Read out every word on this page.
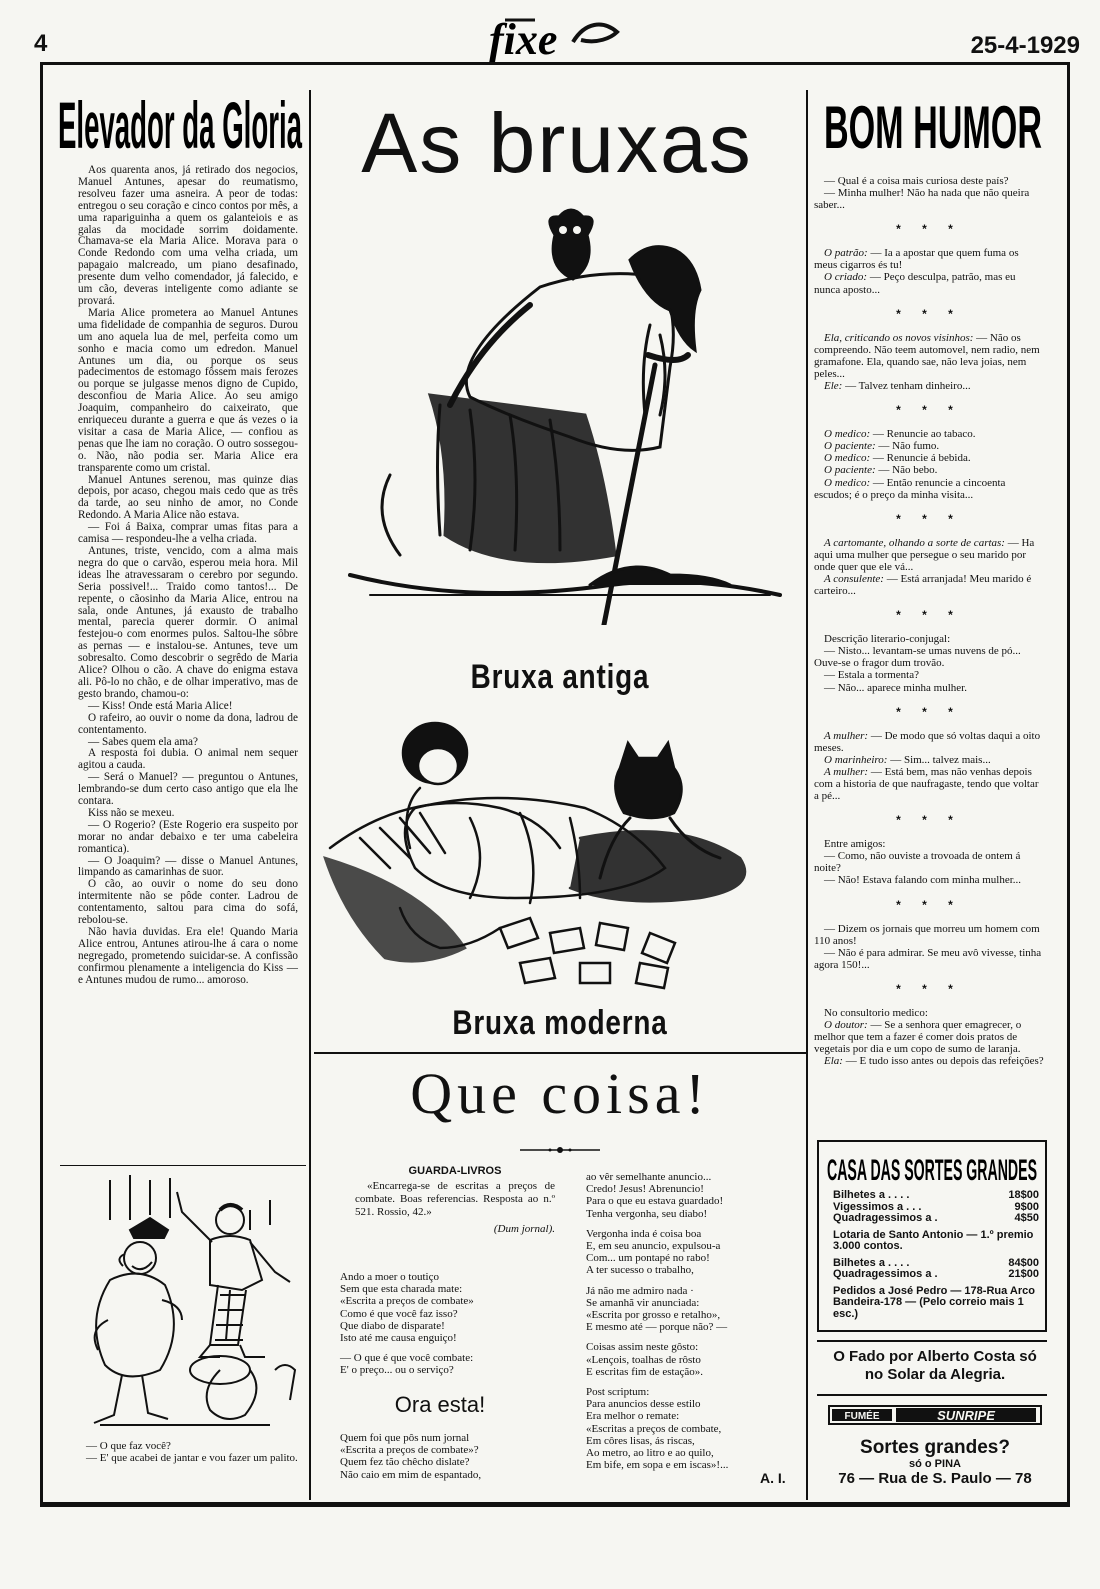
4	fixe	25-4-1929
Elevador da Gloria

Aos quarenta anos, já retirado dos negocios, Manuel Antunes, apesar do reumatismo, resolveu fazer uma asneira. A peor de todas: entregou o seu coração e cinco contos por mês, a uma rapariguinha a quem os galanteiois e as galas da mocidade sorrim doidamente. Chamava-se ela Maria Alice. Morava para o Conde Redondo com uma velha criada, um papagaio malcreado, um piano desafinado, presente dum velho comendador, já falecido, e um cão, deveras inteligente como adiante se provará.

Maria Alice prometera ao Manuel Antunes uma fidelidade de companhia de seguros. Durou um ano aquela lua de mel, perfeita como um sonho e macia como um edredon. Manuel Antunes um dia, ou porque os seus padecimentos de estomago fôssem mais ferozes ou porque se julgasse menos digno de Cupido, desconfiou de Maria Alice. Ao seu amigo Joaquim, companheiro do caixeirato, que enriqueceu durante a guerra e que ás vezes o ia visitar a casa de Maria Alice, — confiou as penas que lhe iam no coração. O outro sossegou-o. Não, não podia ser. Maria Alice era transparente como um cristal.

Manuel Antunes serenou, mas quinze dias depois, por acaso, chegou mais cedo que as três da tarde, ao seu ninho de amor, no Conde Redondo. A Maria Alice não estava.

— Foi á Baixa, comprar umas fitas para a camisa — respondeu-lhe a velha criada.

Antunes, triste, vencido, com a alma mais negra do que o carvão, esperou meia hora. Mil ideas lhe atravessaram o cerebro por segundo. Seria possivel!... Traido como tantos!... De repente, o cãosinho da Maria Alice, entrou na sala, onde Antunes, já exausto de trabalho mental, parecia querer dormir. O animal festejou-o com enormes pulos. Saltou-lhe sôbre as pernas — e instalou-se. Antunes, teve um sobresalto. Como descobrir o segrêdo de Maria Alice? Olhou o cão. A chave do enigma estava ali. Pô-lo no chão, e de olhar imperativo, mas de gesto brando, chamou-o:

— Kiss! Onde está Maria Alice!

O rafeiro, ao ouvir o nome da dona, ladrou de contentamento.

— Sabes quem ela ama?

A resposta foi dubia. O animal nem sequer agitou a cauda.

— Será o Manuel? — preguntou o Antunes, lembrando-se dum certo caso antigo que ela lhe contara.

Kiss não se mexeu.

— O Rogerio? (Este Rogerio era suspeito por morar no andar debaixo e ter uma cabeleira romantica).

— O Joaquim? — disse o Manuel Antunes, limpando as camarinhas de suor.

O cão, ao ouvir o nome do seu dono intermitente não se pôde conter. Ladrou de contentamento, saltou para cima do sofá, rebolou-se.

Não havia duvidas. Era ele! Quando Maria Alice entrou, Antunes atirou-lhe á cara o nome negregado, prometendo suicidar-se. A confissão confirmou plenamente a inteligencia do Kiss — e Antunes mudou de rumo... amoroso.

— O que faz você?

— E' que acabei de jantar e vou fazer um palito.

As bruxas
Bruxa antiga
Bruxa moderna
Que coisa!
GUARDA-LIVROS

«Encarrega-se de escritas a preços de combate. Boas referencias. Resposta ao n.º 521. Rossio, 42.»

(Dum jornal).

Ando a moer o toutiço
Sem que esta charada mate:
«Escrita a preços de combate»
Como é que você faz isso?
Que diabo de disparate!
Isto até me causa enguiço!

— O que é que você combate:
E' o preço... ou o serviço?

Ora esta!

Quem foi que pôs num jornal
«Escrita a preços de combate»?
Quem fez tão chêcho dislate?
Não caio em mim de espantado,

ao vêr semelhante anuncio...
Credo! Jesus! Abrenuncio!
Para o que eu estava guardado!
Tenha vergonha, seu diabo!

Vergonha inda é coisa boa
E, em seu anuncio, expulsou-a
Com... um pontapé no rabo!
A ter sucesso o trabalho,

Já não me admiro nada ·
Se amanhã vir anunciada:
«Escrita por grosso e retalho»,
E mesmo até — porque não? —

Coisas assim neste gôsto:
«Lençois, toalhas de rôsto
E escritas fim de estação».

Post scriptum:
Para anuncios desse estilo
Era melhor o remate:
«Escritas a preços de combate,
Em côres lisas, ás riscas,
Ao metro, ao litro e ao quilo,
Em bife, em sopa e em iscas»!...

A. I.
BOM HUMOR

— Qual é a coisa mais curiosa deste país?

— Minha mulher! Não ha nada que não queira saber...

* * *

O patrão: — Ia a apostar que quem fuma os meus cigarros és tu!

O criado: — Peço desculpa, patrão, mas eu nunca aposto...

* * *

Ela, criticando os novos visinhos: — Não os compreendo. Não teem automovel, nem radio, nem gramafone. Ela, quando sae, não leva joias, nem peles...

Ele: — Talvez tenham dinheiro...

* * *

O medico: — Renuncie ao tabaco.

O paciente: — Não fumo.

O medico: — Renuncie á bebida.

O paciente: — Não bebo.

O medico: — Então renuncie a cincoenta escudos; é o preço da minha visita...

* * *

A cartomante, olhando a sorte de cartas: — Ha aqui uma mulher que persegue o seu marido por onde quer que ele vá...

A consulente: — Está arranjada! Meu marido é carteiro...

* * *

Descrição literario-conjugal:

— Nisto... levantam-se umas nuvens de pó... Ouve-se o fragor dum trovão.

— Estala a tormenta?

— Não... aparece minha mulher.

* * *

A mulher: — De modo que só voltas daqui a oito meses.

O marinheiro: — Sim... talvez mais...

A mulher: — Está bem, mas não venhas depois com a historia de que naufragaste, tendo que voltar a pé...

* * *

Entre amigos:

— Como, não ouviste a trovoada de ontem á noite?

— Não! Estava falando com minha mulher...

* * *

— Dizem os jornais que morreu um homem com 110 anos!

— Não é para admirar. Se meu avô vivesse, tinha agora 150!...

* * *

No consultorio medico:

O doutor: — Se a senhora quer emagrecer, o melhor que tem a fazer é comer dois pratos de vegetais por dia e um copo de sumo de laranja.

Ela: — E tudo isso antes ou depois das refeições?

CASA DAS SORTES GRANDES
Bilhetes a . . . .	18$00
Vigessimos a . . .	9$00
Quadragessimos a .	4$50
Lotaria de Santo Antonio — 1.º premio 3.000 contos.
Bilhetes a . . . .	84$00
Quadragessimos a .	21$00
Pedidos a José Pedro — 178-Rua Arco Bandeira-178 — (Pelo correio mais 1 esc.)
O Fado por Alberto Costa só no Solar da Alegria.
FUMÉE	SUNRIPE
Sortes grandes?
só o PINA
76 — Rua de S. Paulo — 78
